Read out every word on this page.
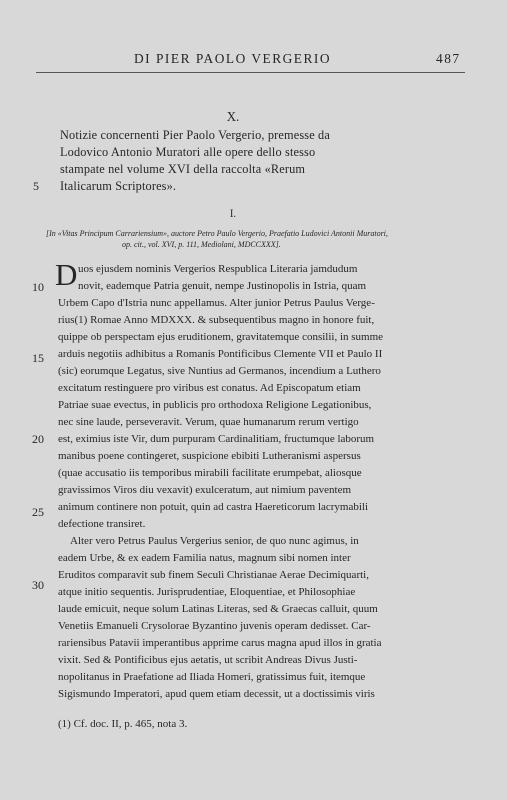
DI PIER PAOLO VERGERIO	487
X.
Notizie concernenti Pier Paolo Vergerio, premesse da
Lodovico Antonio Muratori alle opere dello stesso
stampate nel volume XVI della raccolta «Rerum
Italicarum Scriptores».
I.
[In «Vitas Principum Carrariensium», auctore Petro Paulo Vergerio, Praefatio Ludovici Antonii Muratori,
op. cit., vol. XVI, p. 111, Mediolani, MDCCXXX].
5
10
15
20
25
30
D uos ejusdem nominis Vergerios Respublica Literaria jamdudum
novit, eademque Patria genuit, nempe Justinopolis in Istria, quam
Urbem Capo d'Istria nunc appellamus. Alter junior Petrus Paulus Verge-
rius(1) Romae Anno MDXXX. & subsequentibus magno in honore fuit,
quippe ob perspectam ejus eruditionem, gravitatemque consilii, in summe
arduis negotiis adhibitus a Romanis Pontificibus Clemente VII et Paulo II
(sic) eorumque Legatus, sive Nuntius ad Germanos, incendium a Luthero
excitatum restinguere pro viribus est conatus. Ad Episcopatum etiam
Patriae suae evectus, in publicis pro orthodoxa Religione Legationibus,
nec sine laude, perseveravit. Verum, quae humanarum rerum vertigo
est, eximius iste Vir, dum purpuram Cardinalitiam, fructumque laborum
manibus poene contingeret, suspicione ebibiti Lutheranismi aspersus
(quae accusatio iis temporibus mirabili facilitate erumpebat, aliosque
gravissimos Viros diu vexavit) exulceratum, aut nimium paventem
animum continere non potuit, quin ad castra Haereticorum lacrymabili
defectione transiret.
Alter vero Petrus Paulus Vergerius senior, de quo nunc agimus, in
eadem Urbe, & ex eadem Familia natus, magnum sibi nomen inter
Eruditos comparavit sub finem Seculi Christianae Aerae Decimiquarti,
atque initio sequentis. Jurisprudentiae, Eloquentiae, et Philosophiae
laude emicuit, neque solum Latinas Literas, sed & Graecas calluit, quum
Venetiis Emanueli Crysolorae Byzantino juvenis operam dedisset. Car-
rariensibus Patavii imperantibus apprime carus magna apud illos in gratia
vixit. Sed & Pontificibus ejus aetatis, ut scribit Andreas Divus Justi-
nopolitanus in Praefatione ad Iliada Homeri, gratissimus fuit, itemque
Sigismundo Imperatori, apud quem etiam decessit, ut a doctissimis viris
(1) Cf. doc. II, p. 465, nota 3.
